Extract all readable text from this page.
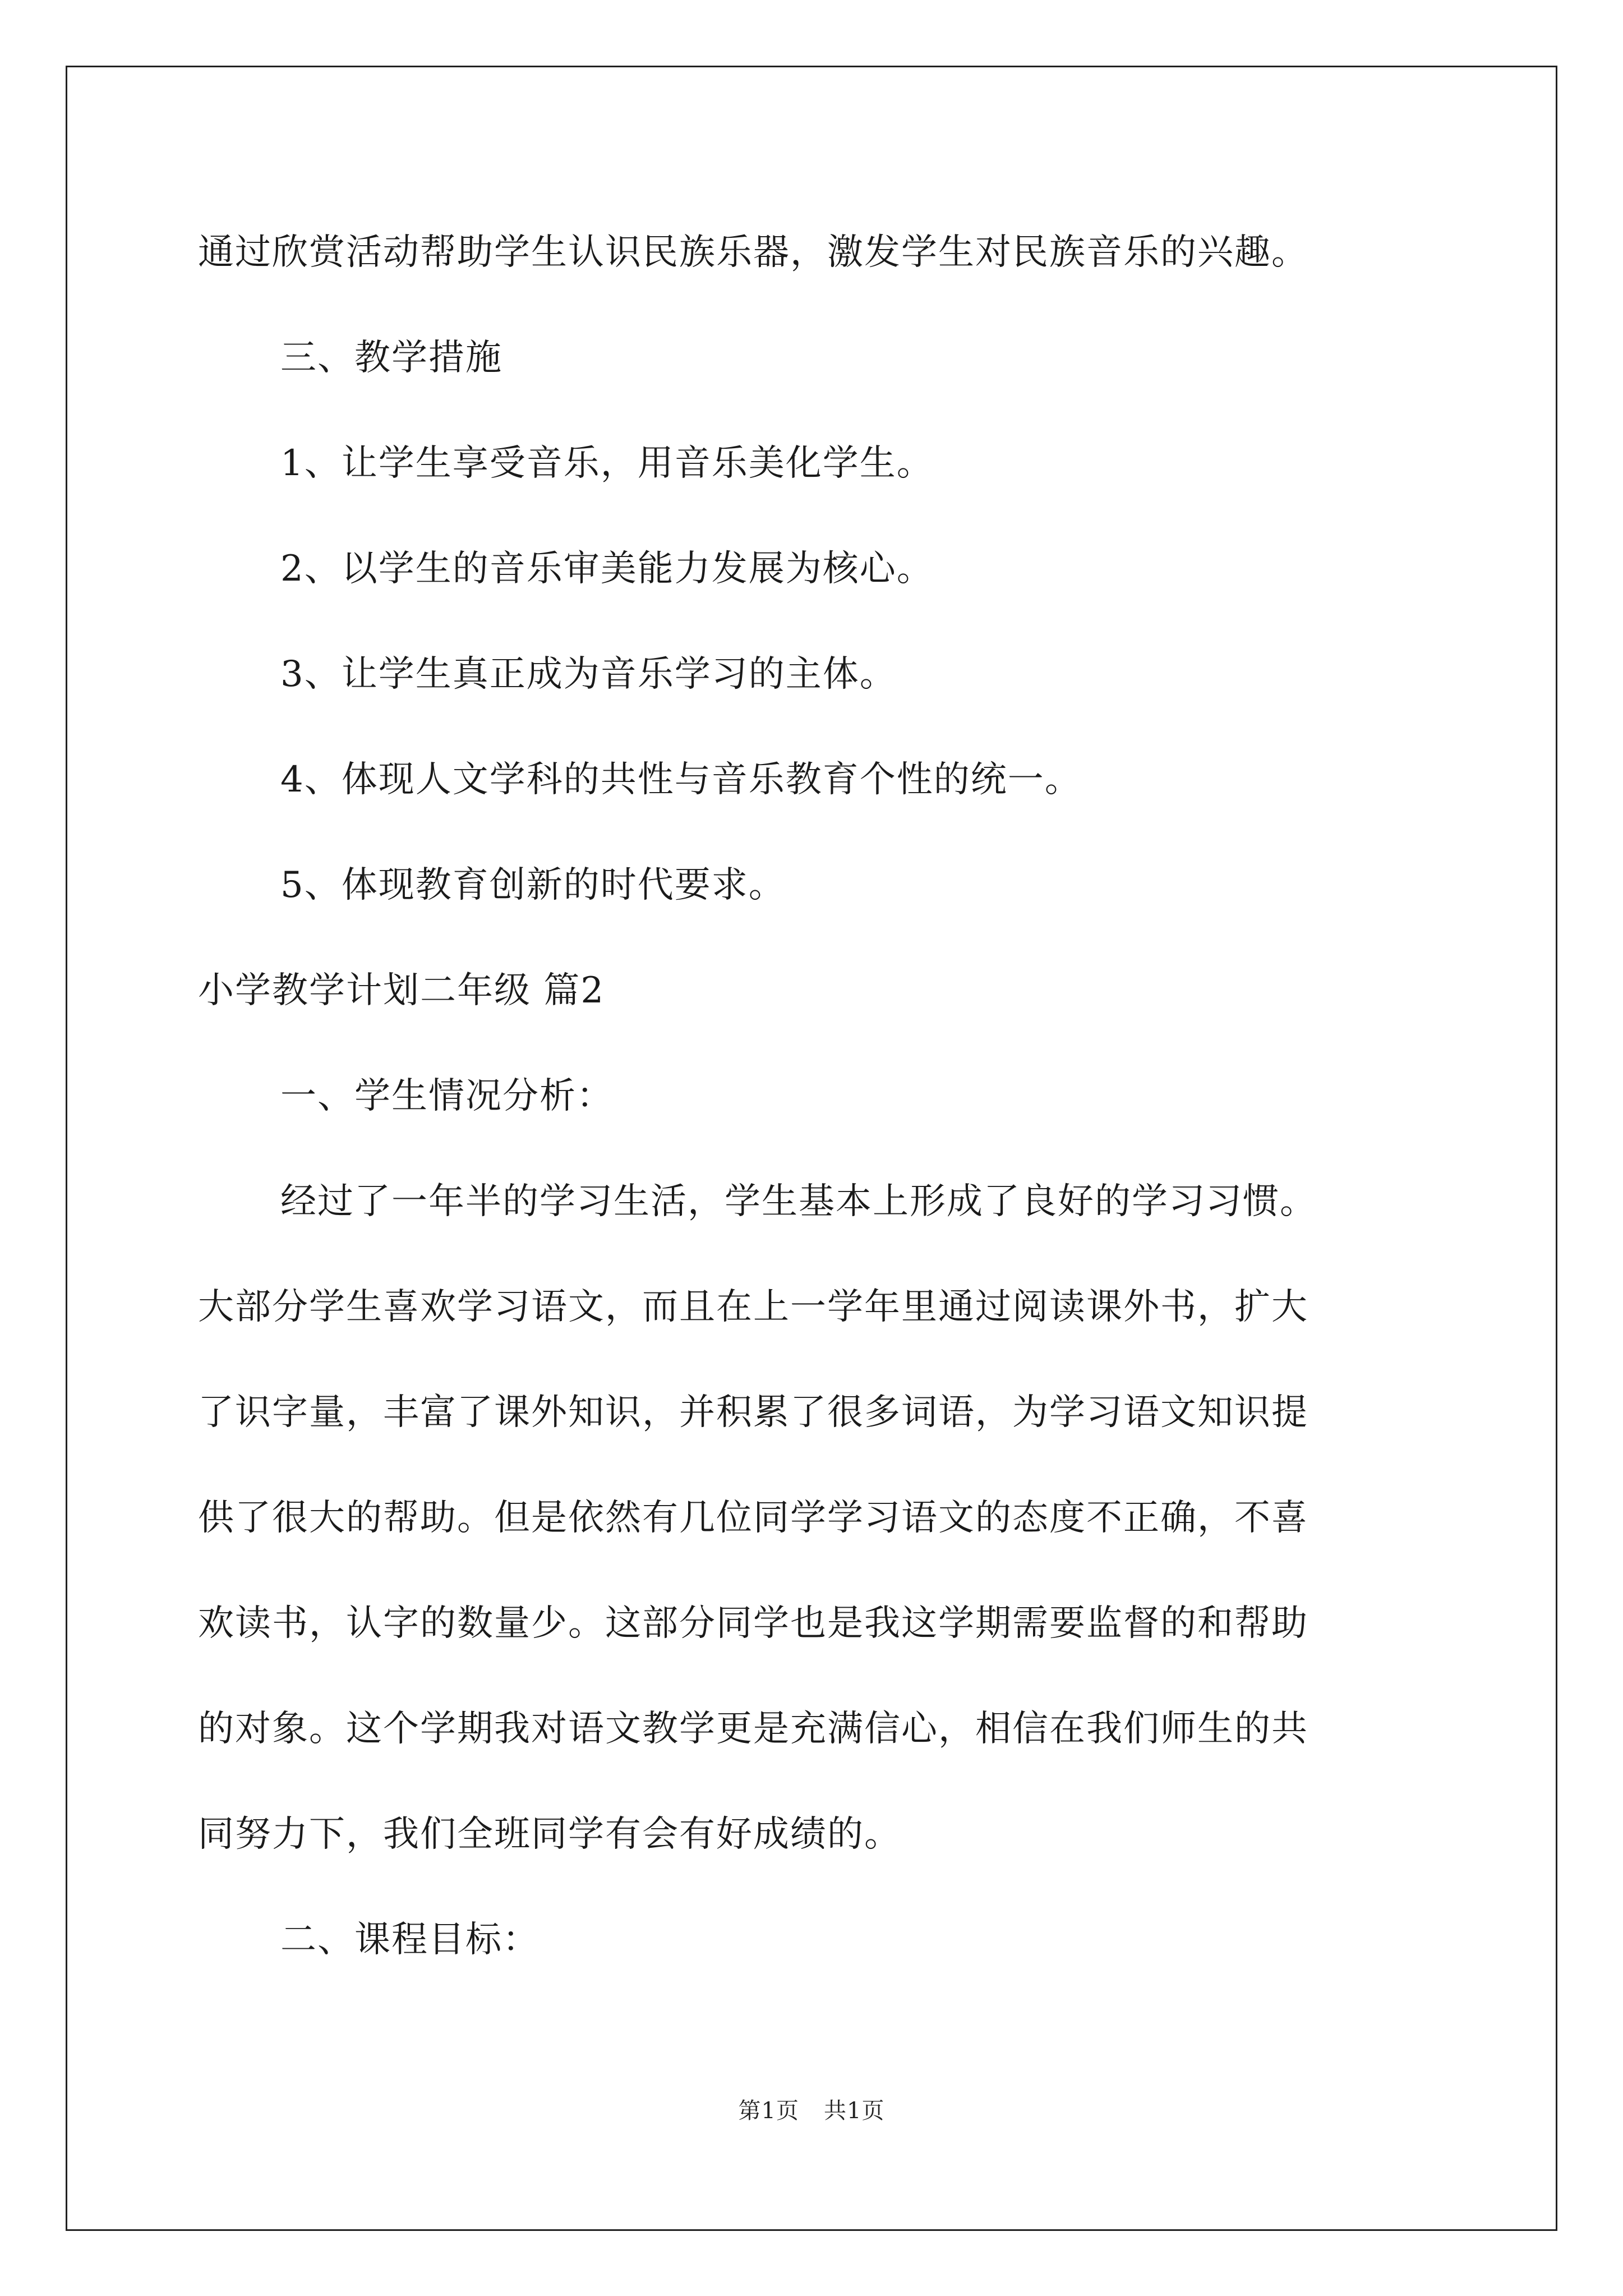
通过欣赏活动帮助学生认识民族乐器，激发学生对民族音乐的兴趣。
三、教学措施
1、让学生享受音乐，用音乐美化学生。
2、以学生的音乐审美能力发展为核心。
3、让学生真正成为音乐学习的主体。
4、体现人文学科的共性与音乐教育个性的统一。
5、体现教育创新的时代要求。
小学教学计划二年级 篇2
一、学生情况分析：
经过了一年半的学习生活，学生基本上形成了良好的学习习惯。
大部分学生喜欢学习语文，而且在上一学年里通过阅读课外书，扩大
了识字量，丰富了课外知识，并积累了很多词语，为学习语文知识提
供了很大的帮助。但是依然有几位同学学习语文的态度不正确，不喜
欢读书，认字的数量少。这部分同学也是我这学期需要监督的和帮助
的对象。这个学期我对语文教学更是充满信心，相信在我们师生的共
同努力下，我们全班同学有会有好成绩的。
二、课程目标：
第1页 共1页
